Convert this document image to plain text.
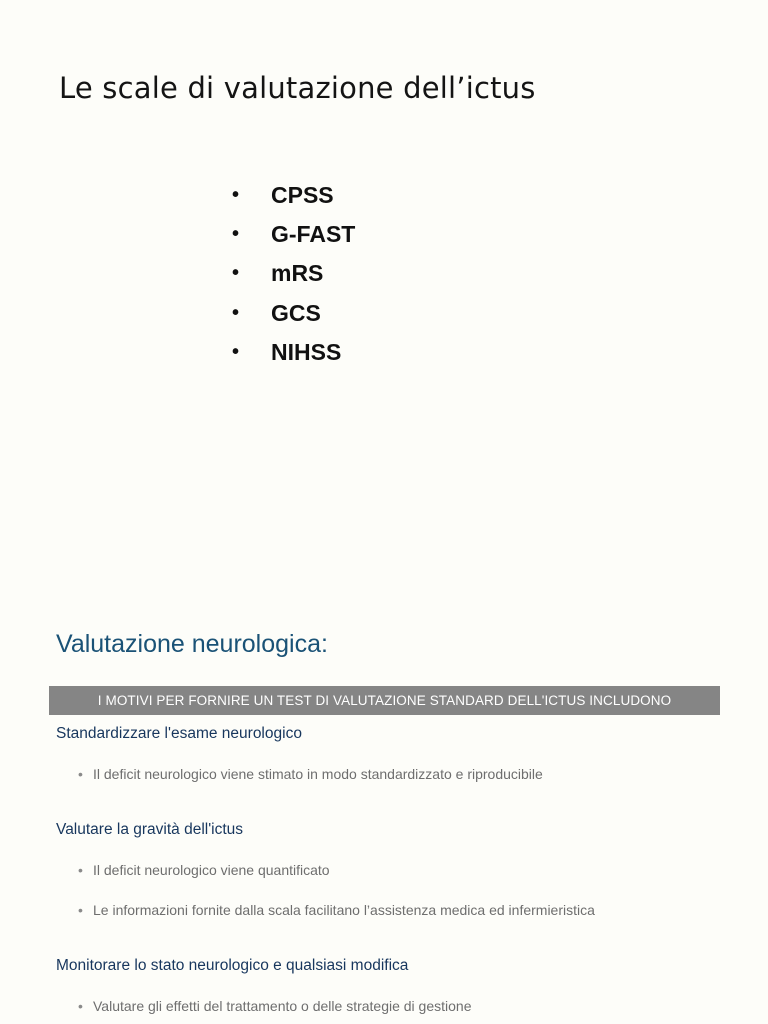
Le scale di valutazione dell’ictus
•	CPSS
•	G-FAST
•	mRS
•	GCS
•	NIHSS
Valutazione neurologica:
I MOTIVI PER FORNIRE UN TEST DI VALUTAZIONE STANDARD DELL'ICTUS INCLUDONO
Standardizzare l'esame neurologico

• Il deficit neurologico viene stimato in modo standardizzato e riproducibile

Valutare la gravità dell'ictus

• Il deficit neurologico viene quantificato

• Le informazioni fornite dalla scala facilitano l’assistenza medica ed infermieristica

Monitorare lo stato neurologico e qualsiasi modifica

• Valutare gli effetti del trattamento o delle strategie di gestione
